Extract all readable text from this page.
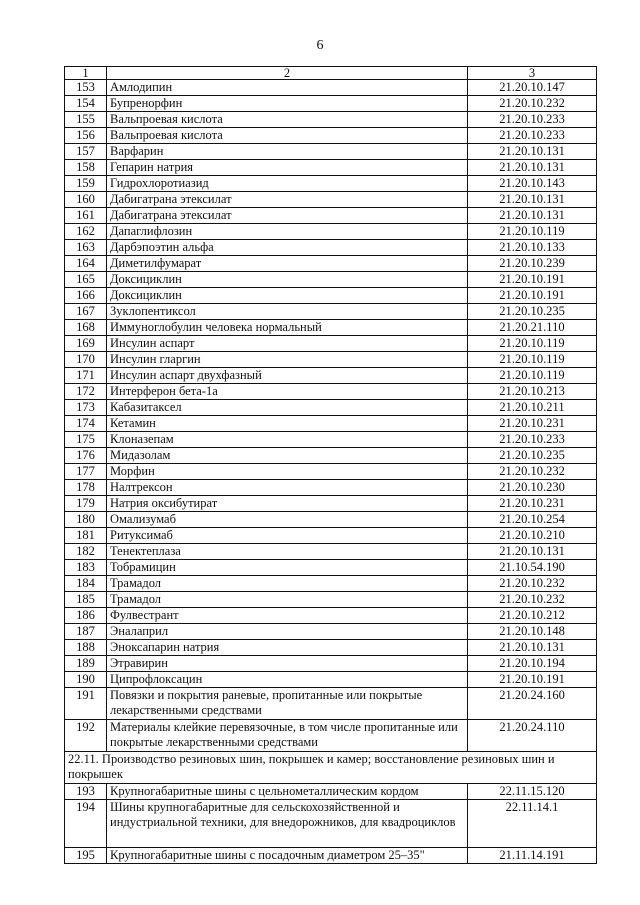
6
1	2	3
153	Амлодипин	21.20.10.147
154	Бупренорфин	21.20.10.232
155	Вальпроевая кислота	21.20.10.233
156	Вальпроевая кислота	21.20.10.233
157	Варфарин	21.20.10.131
158	Гепарин натрия	21.20.10.131
159	Гидрохлоротиазид	21.20.10.143
160	Дабигатрана этексилат	21.20.10.131
161	Дабигатрана этексилат	21.20.10.131
162	Дапаглифлозин	21.20.10.119
163	Дарбэпоэтин альфа	21.20.10.133
164	Диметилфумарат	21.20.10.239
165	Доксициклин	21.20.10.191
166	Доксициклин	21.20.10.191
167	Зуклопентиксол	21.20.10.235
168	Иммуноглобулин человека нормальный	21.20.21.110
169	Инсулин аспарт	21.20.10.119
170	Инсулин гларгин	21.20.10.119
171	Инсулин аспарт двухфазный	21.20.10.119
172	Интерферон бета-1а	21.20.10.213
173	Кабазитаксел	21.20.10.211
174	Кетамин	21.20.10.231
175	Клоназепам	21.20.10.233
176	Мидазолам	21.20.10.235
177	Морфин	21.20.10.232
178	Налтрексон	21.20.10.230
179	Натрия оксибутират	21.20.10.231
180	Омализумаб	21.20.10.254
181	Ритуксимаб	21.20.10.210
182	Тенектеплаза	21.20.10.131
183	Тобрамицин	21.10.54.190
184	Трамадол	21.20.10.232
185	Трамадол	21.20.10.232
186	Фулвестрант	21.20.10.212
187	Эналаприл	21.20.10.148
188	Эноксапарин натрия	21.20.10.131
189	Этравирин	21.20.10.194
190	Ципрофлоксацин	21.20.10.191
191	Повязки и покрытия раневые, пропитанные или покрытые лекарственными средствами	21.20.24.160
192	Материалы клейкие перевязочные, в том числе пропитанные или покрытые лекарственными средствами	21.20.24.110
22.11. Производство резиновых шин, покрышек и камер; восстановление резиновых шин и покрышек		
193	Крупногабаритные шины с цельнометаллическим кордом	22.11.15.120
194	Шины крупногабаритные для сельскохозяйственной и индустриальной техники, для внедорожников, для квадроциклов	22.11.14.1
195	Крупногабаритные шины с посадочным диаметром 25–35"	21.11.14.191
